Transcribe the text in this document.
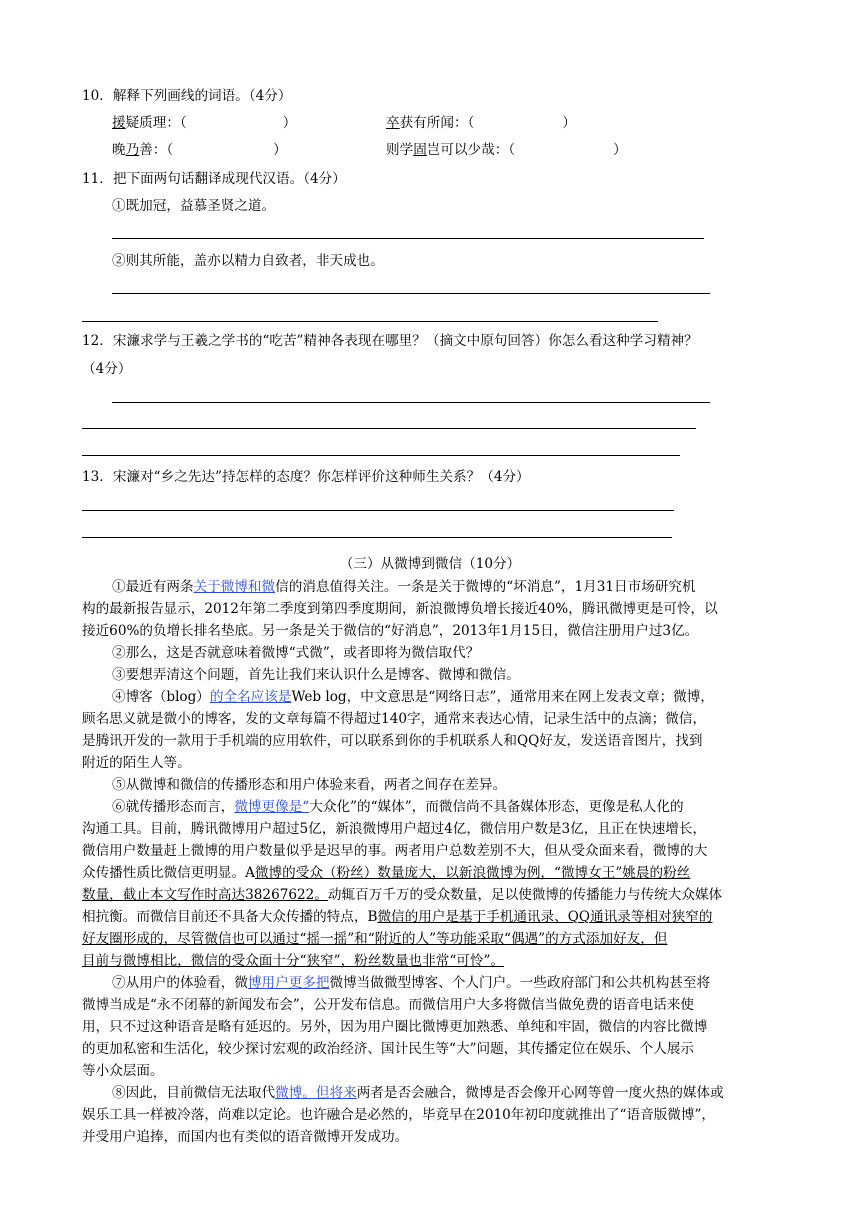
10．解释下列画线的词语。（4分）
援疑质理：（	）	卒获有所闻：（	）
晚乃善：（	）	则学固岂可以少哉：（	）
11．把下面两句话翻译成现代汉语。（4分）
①既加冠，益慕圣贤之道。
②则其所能，盖亦以精力自致者，非天成也。
12．宋濂求学与王羲之学书的“吃苦”精神各表现在哪里？（摘文中原句回答）你怎么看这种学习精神？
（4分）
13．宋濂对“乡之先达”持怎样的态度？你怎样评价这种师生关系？（4分）
（三）从微博到微信（10分）
①最近有两条关于微博和微信的消息值得关注。一条是关于微博的“坏消息”，1月31日市场研究机
构的最新报告显示，2012年第二季度到第四季度期间，新浪微博负增长接近40%，腾讯微博更是可怜，以
接近60%的负增长排名垫底。另一条是关于微信的“好消息”，2013年1月15日，微信注册用户过3亿。
②那么，这是否就意味着微博“式微”，或者即将为微信取代？
③要想弄清这个问题，首先让我们来认识什么是博客、微博和微信。
④博客（blog）的全名应该是Web log，中文意思是“网络日志”，通常用来在网上发表文章；微博，
顾名思义就是微小的博客，发的文章每篇不得超过140字，通常来表达心情，记录生活中的点滴；微信，
是腾讯开发的一款用于手机端的应用软件，可以联系到你的手机联系人和QQ好友，发送语音图片，找到
附近的陌生人等。
⑤从微博和微信的传播形态和用户体验来看，两者之间存在差异。
⑥就传播形态而言，微博更像是“大众化”的“媒体”，而微信尚不具备媒体形态，更像是私人化的
沟通工具。目前，腾讯微博用户超过5亿，新浪微博用户超过4亿，微信用户数是3亿，且正在快速增长，
微信用户数量赶上微博的用户数量似乎是迟早的事。两者用户总数差别不大，但从受众面来看，微博的大
众传播性质比微信更明显。A微博的受众（粉丝）数量庞大，以新浪微博为例，“微博女王”姚晨的粉丝
数量，截止本文写作时高达38267622。动辄百万千万的受众数量，足以使微博的传播能力与传统大众媒体
相抗衡。而微信目前还不具备大众传播的特点，B微信的用户是基于手机通讯录、QQ通讯录等相对狭窄的
好友圈形成的，尽管微信也可以通过“摇一摇”和“附近的人”等功能采取“偶遇”的方式添加好友，但
目前与微博相比，微信的受众面十分“狭窄”，粉丝数量也非常“可怜”。
⑦从用户的体验看，微博用户更多把微博当做微型博客、个人门户。一些政府部门和公共机构甚至将
微博当成是“永不闭幕的新闻发布会”，公开发布信息。而微信用户大多将微信当做免费的语音电话来使
用，只不过这种语音是略有延迟的。另外，因为用户圈比微博更加熟悉、单纯和牢固，微信的内容比微博
的更加私密和生活化，较少探讨宏观的政治经济、国计民生等“大”问题，其传播定位在娱乐、个人展示
等小众层面。
⑧因此，目前微信无法取代微博。但将来两者是否会融合，微博是否会像开心网等曾一度火热的媒体或
娱乐工具一样被冷落，尚难以定论。也许融合是必然的，毕竟早在2010年初印度就推出了“语音版微博”，
并受用户追捧，而国内也有类似的语音微博开发成功。
